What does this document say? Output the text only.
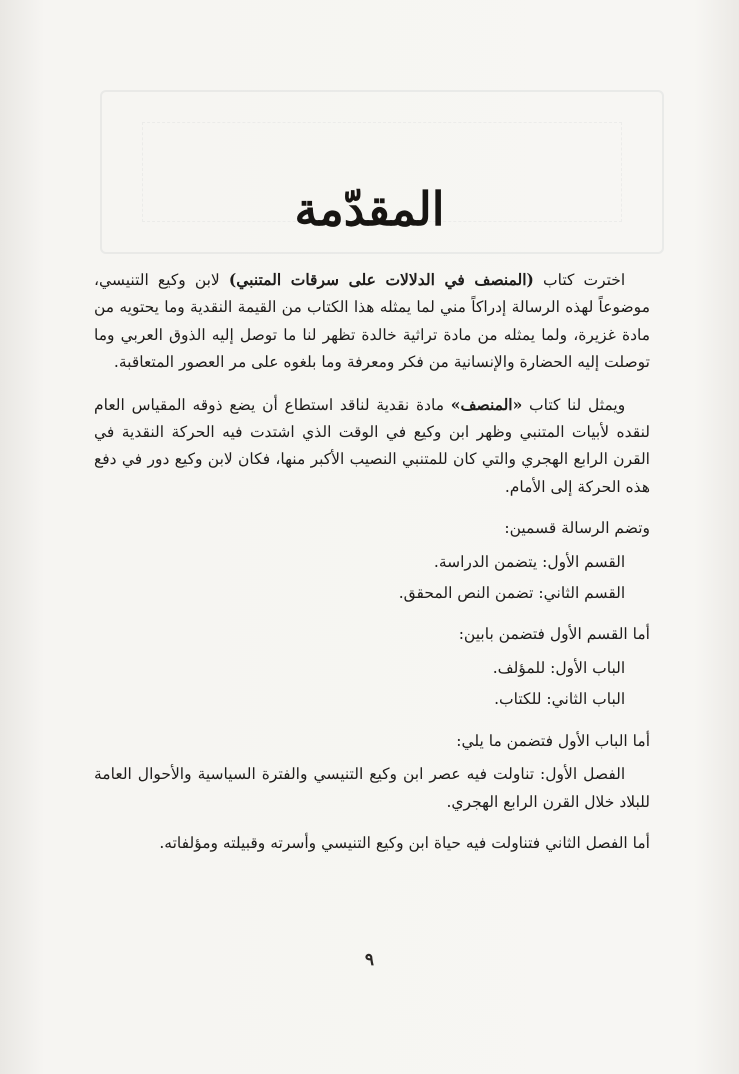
المقدّمة

اخترت كتاب (المنصف في الدلالات على سرقات المتنبي) لابن وكيع التنيسي، موضوعاً لهذه الرسالة إدراكاً مني لما يمثله هذا الكتاب من القيمة النقدية وما يحتويه من مادة غزيرة، ولما يمثله من مادة تراثية خالدة تظهر لنا ما توصل إليه الذوق العربي وما توصلت إليه الحضارة والإنسانية من فكر ومعرفة وما بلغوه على مر العصور المتعاقبة.

ويمثل لنا كتاب «المنصف» مادة نقدية لناقد استطاع أن يضع ذوقه المقياس العام لنقده لأبيات المتنبي وظهر ابن وكيع في الوقت الذي اشتدت فيه الحركة النقدية في القرن الرابع الهجري والتي كان للمتنبي النصيب الأكبر منها، فكان لابن وكيع دور في دفع هذه الحركة إلى الأمام.

وتضم الرسالة قسمين:

القسم الأول: يتضمن الدراسة.

القسم الثاني: تضمن النص المحقق.

أما القسم الأول فتضمن بابين:

الباب الأول: للمؤلف.

الباب الثاني: للكتاب.

أما الباب الأول فتضمن ما يلي:

الفصل الأول: تناولت فيه عصر ابن وكيع التنيسي والفترة السياسية والأحوال العامة للبلاد خلال القرن الرابع الهجري.

أما الفصل الثاني فتناولت فيه حياة ابن وكيع التنيسي وأسرته وقبيلته ومؤلفاته.

٩
